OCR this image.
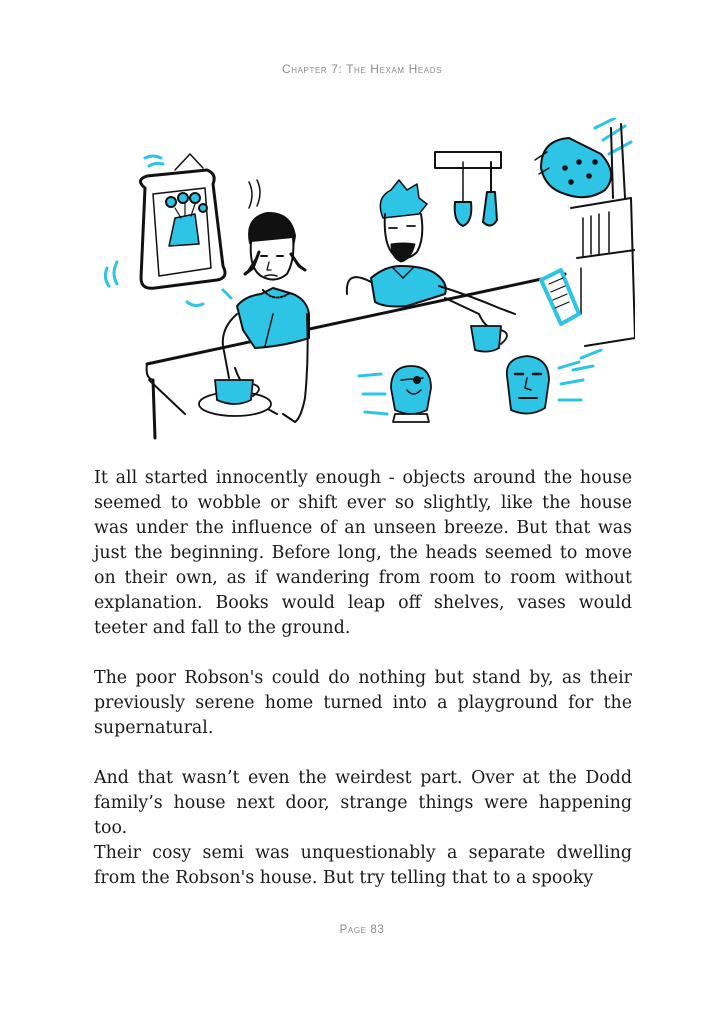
Chapter 7: The Hexam Heads

It all started innocently enough - objects around the house seemed to wobble or shift ever so slightly, like the house was under the influence of an unseen breeze. But that was just the beginning. Before long, the heads seemed to move on their own, as if wandering from room to room without explanation. Books would leap off shelves, vases would teeter and fall to the ground.

The poor Robson's could do nothing but stand by, as their previously serene home turned into a playground for the supernatural.

And that wasn’t even the weirdest part. Over at the Dodd family’s house next door, strange things were happening too.

Their cosy semi was unquestionably a separate dwelling from the Robson's house. But try telling that to a spooky

Page 83
